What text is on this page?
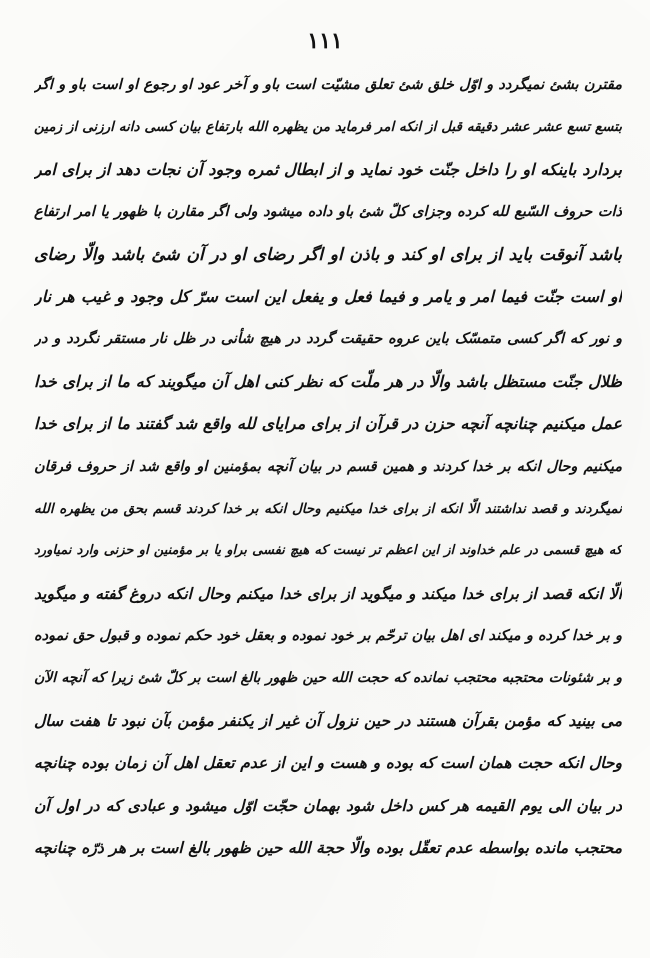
١١١
مقترن بشئ نمیگردد و اوّل خلق شئ تعلق مشیّت است باو و آخر عود او رجوع او است باو و اگر
بتسع تسع عشر عشر دقیقه قبل از انکه امر فرماید من یظهره الله بارتفاع بیان کسی دانه ارزنی از زمین
بردارد باینکه او را داخل جنّت خود نماید و از ابطال ثمره وجود آن نجات دهد از برای امر
ذات حروف السّبع لله کرده وجزای کلّ شئ باو داده میشود ولی اگر مقارن با ظهور یا امر ارتفاع
باشد آنوقت باید از برای او کند و باذن او اگر رضای او در آن شئ باشد والّا رضای
او است جنّت فیما امر و یامر و فیما فعل و یفعل این است سرّ کل وجود و غیب هر نار
و نور که اگر کسی متمسّک باین عروه حقیقت گردد در هیچ شأنی در ظل نار مستقر نگردد و در
ظلال جنّت مستظل باشد والّا در هر ملّت که نظر کنی اهل آن میگویند که ما از برای خدا
عمل میکنیم چنانچه آنچه حزن در قرآن از برای مرایای لله واقع شد گفتند ما از برای خدا
میکنیم وحال انکه بر خدا کردند و همین قسم در بیان آنچه بمؤمنین او واقع شد از حروف فرقان
نمیگردند و قصد نداشتند الّا انکه از برای خدا میکنیم وحال انکه بر خدا کردند قسم بحق من یظهره الله
که هیچ قسمی در علم خداوند از این اعظم تر نیست که هیچ نفسی براو یا بر مؤمنین او حزنی وارد نمیاورد
الّا انکه قصد از برای خدا میکند و میگوید از برای خدا میکنم وحال انکه دروغ گفته و میگوید
و بر خدا کرده و میکند ای اهل بیان ترحّم بر خود نموده و بعقل خود حکم نموده و قبول حق نموده
و بر شئونات محتجبه محتجب نمانده که حجت الله حین ظهور بالغ است بر کلّ شئ زیرا که آنچه الآن
می بینید که مؤمن بقرآن هستند در حین نزول آن غیر از یکنفر مؤمن بآن نبود تا هفت سال
وحال انکه حجت همان است که بوده و هست و این از عدم تعقل اهل آن زمان بوده چنانچه
در بیان الی یوم القیمه هر کس داخل شود بهمان حجّت اوّل میشود و عبادی که در اول آن
محتجب مانده بواسطه عدم تعقّل بوده والّا حجة الله حین ظهور بالغ است بر هر ذرّه چنانچه
